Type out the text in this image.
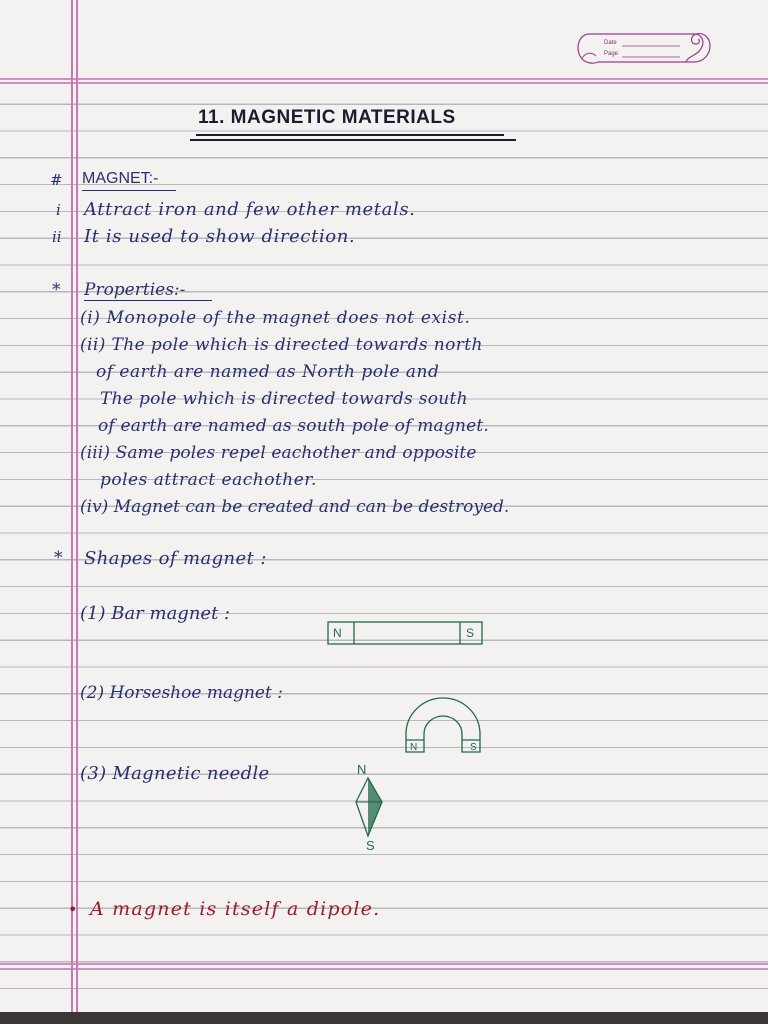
Date
Page
11. MAGNETIC MATERIALS
# MAGNET:-
i Attract iron and few other metals.
ii It is used to show direction.
* Properties:-
(i) Monopole of the magnet does not exist.
(ii) The pole which is directed towards north
of earth are named as North pole and
The pole which is directed towards south
of earth are named as south pole of magnet.
(iii) Same poles repel eachother and opposite
poles attract eachother.
(iv) Magnet can be created and can be destroyed.
* Shapes of magnet :
(1) Bar magnet :
N	S
(2) Horseshoe magnet :
N	S
(3) Magnetic needle	N
S
• A magnet is itself a dipole.
